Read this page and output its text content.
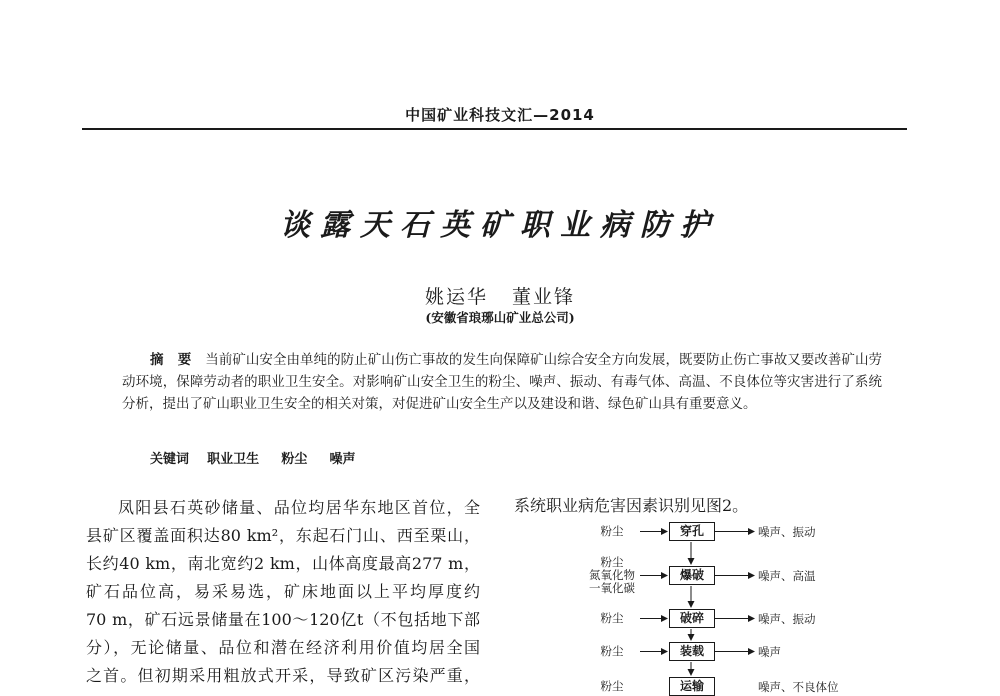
中国矿业科技文汇—2014
谈露天石英矿职业病防护
姚运华   董业锋
(安徽省琅琊山矿业总公司)
摘   要 当前矿山安全由单纯的防止矿山伤亡事故的发生向保障矿山综合安全方向发展，既要防止伤亡事故又要改善矿山劳动环境，保障劳动者的职业卫生安全。对影响矿山安全卫生的粉尘、噪声、振动、有毒气体、高温、不良体位等灾害进行了系统分析，提出了矿山职业卫生安全的相关对策，对促进矿山安全生产以及建设和谐、绿色矿山具有重要意义。
关键词 职业卫生 粉尘 噪声
凤阳县石英砂储量、品位均居华东地区首位，全
县矿区覆盖面积达80 km²，东起石门山、西至栗山，
长约40 km，南北宽约2 km，山体高度最高277 m，
矿石品位高，易采易选，矿床地面以上平均厚度约
70 m，矿石远景储量在100～120亿t（不包括地下部
分），无论储量、品位和潜在经济利用价值均居全国
之首。但初期采用粗放式开采，导致矿区污染严重，
系统职业病危害因素识别见图2。
穿孔
粉尘	噪声、振动
爆破
粉尘
氮氧化物
一氧化碳
噪声、高温
破碎
粉尘	噪声、振动
装载
粉尘	噪声
运输
粉尘	噪声、不良体位
